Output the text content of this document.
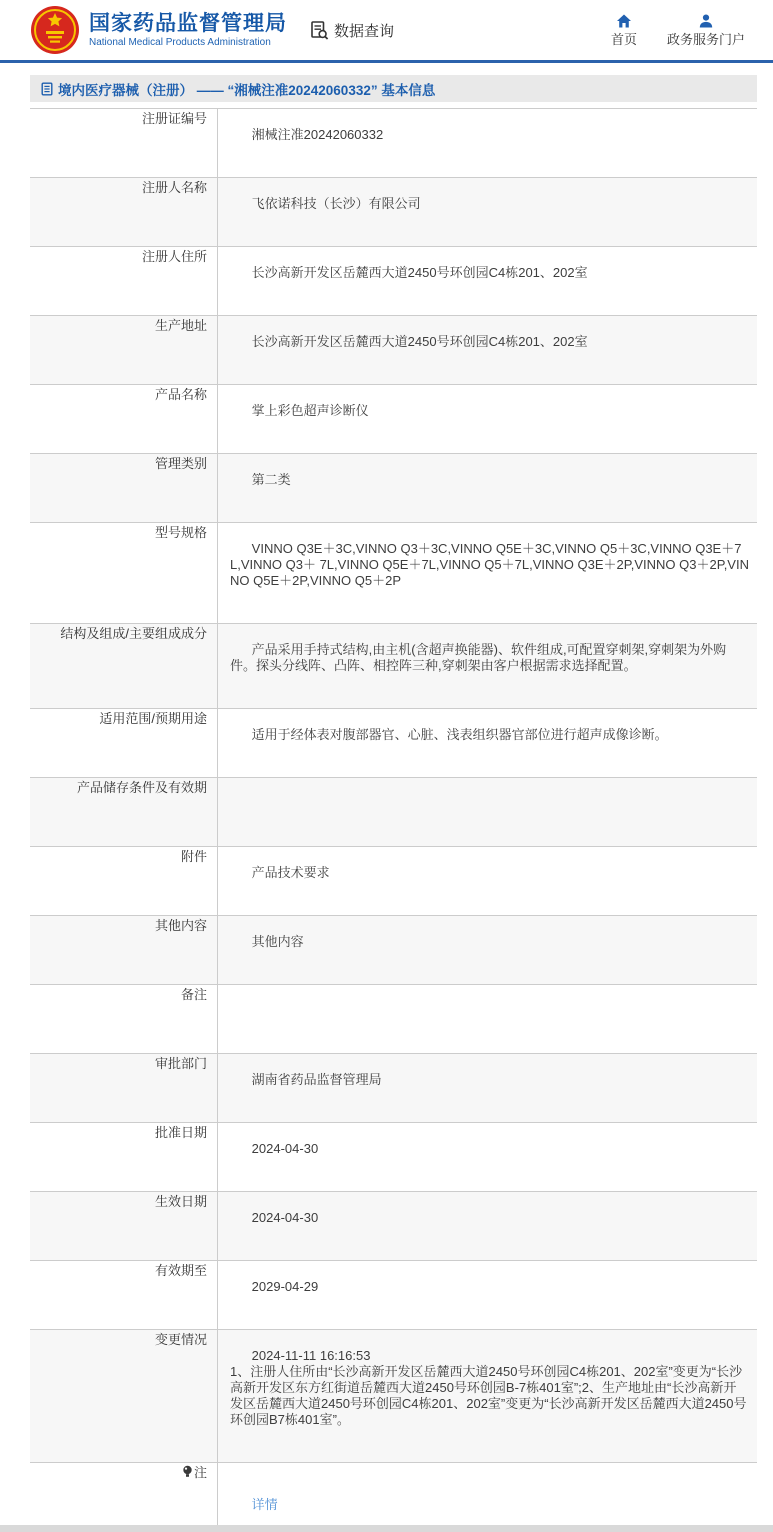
国家药品监督管理局
National Medical Products Administration
数据查询	首页 政务服务门户
境内医疗器械（注册） —— “湘械注准20242060332” 基本信息
注册证编号

湘械注准20242060332

注册人名称

飞依诺科技（长沙）有限公司

注册人住所

长沙高新开发区岳麓西大道2450号环创园C4栋201、202室

生产地址

长沙高新开发区岳麓西大道2450号环创园C4栋201、202室

产品名称

掌上彩色超声诊断仪

管理类别

第二类

型号规格

VINNO Q3E＋3C,VINNO Q3＋3C,VINNO Q5E＋3C,VINNO Q5＋3C,VINNO Q3E＋7L,VINNO Q3＋ 7L,VINNO Q5E＋7L,VINNO Q5＋7L,VINNO Q3E＋2P,VINNO Q3＋2P,VINNO Q5E＋2P,VINNO Q5＋2P

结构及组成/主要组成成分

产品采用手持式结构,由主机(含超声换能器)、软件组成,可配置穿刺架,穿刺架为外购件。探头分线阵、凸阵、相控阵三种,穿刺架由客户根据需求选择配置。

适用范围/预期用途

适用于经体表对腹部器官、心脏、浅表组织器官部位进行超声成像诊断。

产品储存条件及有效期

附件

产品技术要求

其他内容

其他内容

备注

审批部门

湖南省药品监督管理局

批准日期

2024-04-30

生效日期

2024-04-30

有效期至

2029-04-29

变更情况

2024-11-11 16:16:53
1、注册人住所由“长沙高新开发区岳麓西大道2450号环创园C4栋201、202室”变更为“长沙高新开发区东方红街道岳麓西大道2450号环创园B-7栋401室”;2、生产地址由“长沙高新开发区岳麓西大道2450号环创园C4栋201、202室”变更为“长沙高新开发区岳麓西大道2450号环创园B7栋401室”。

注

详情
